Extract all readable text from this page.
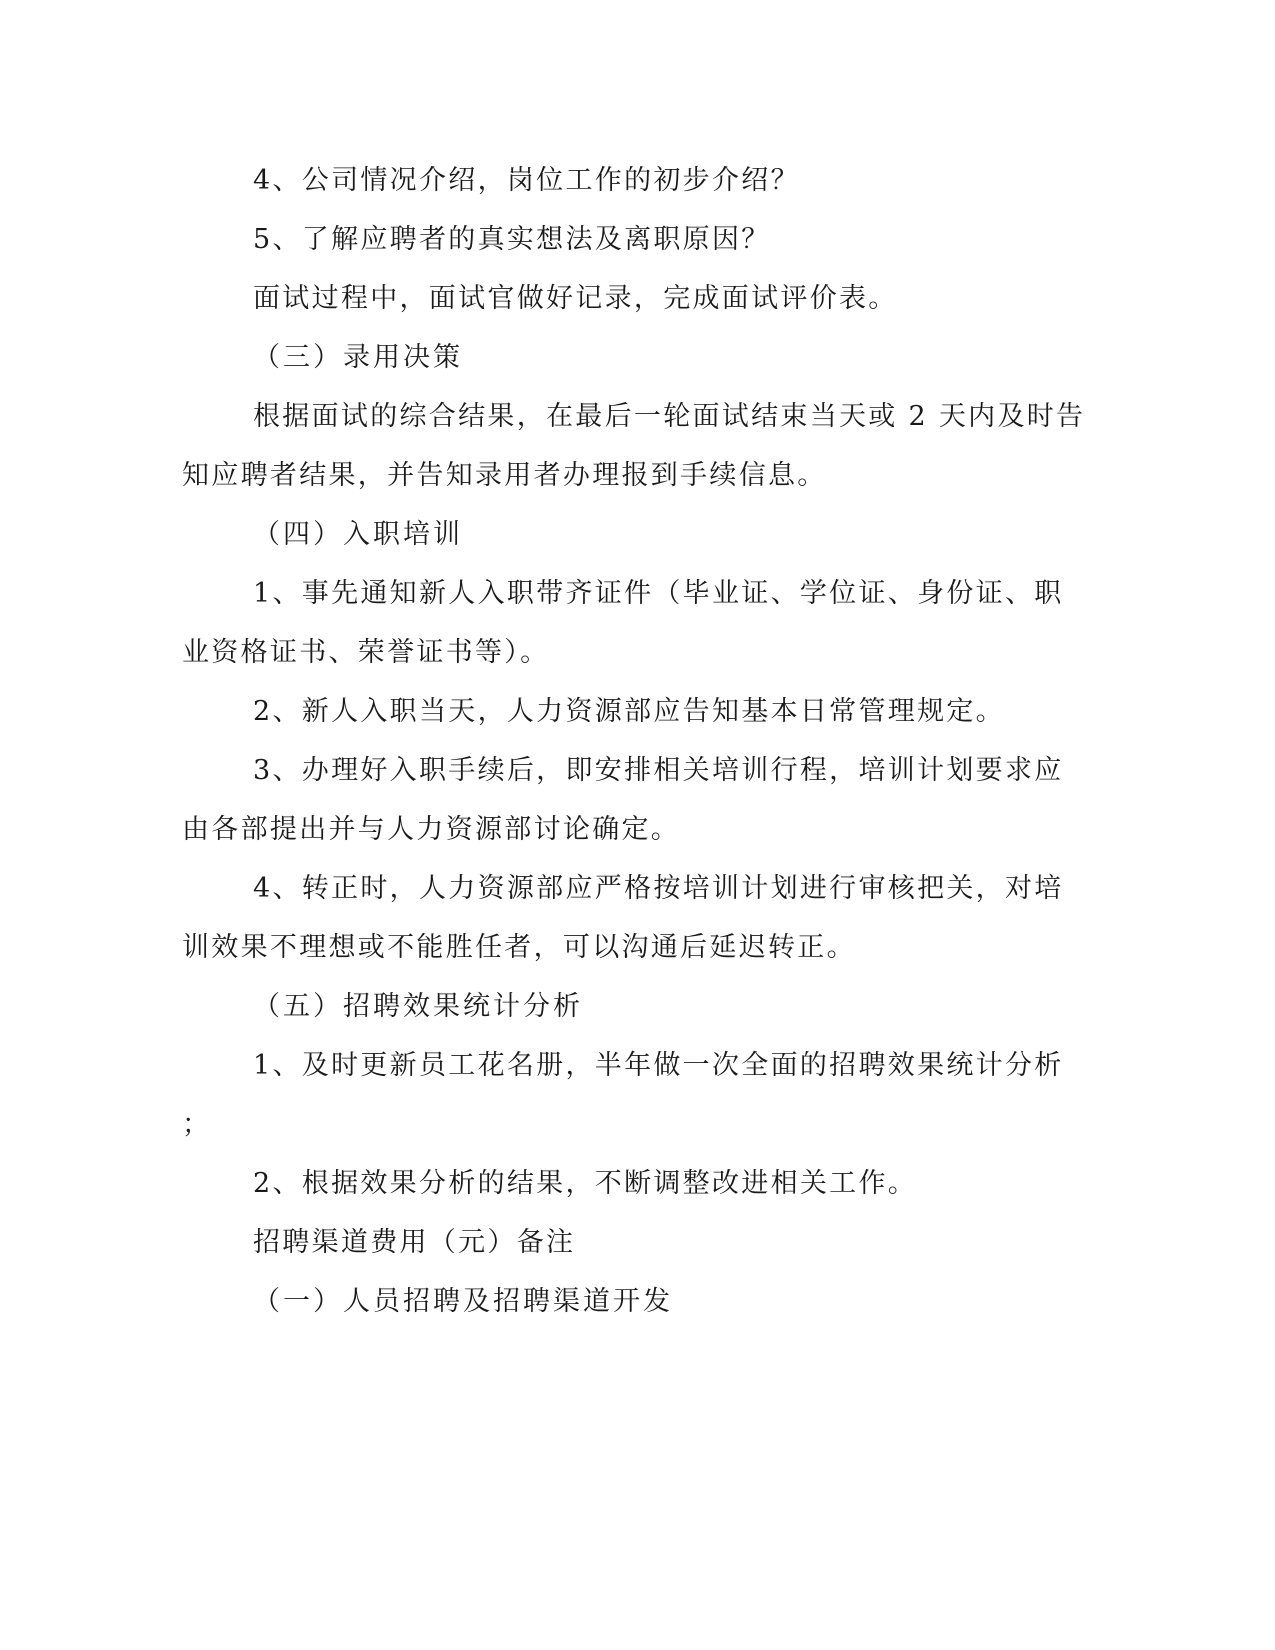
4、公司情况介绍，岗位工作的初步介绍？
5、了解应聘者的真实想法及离职原因？
面试过程中，面试官做好记录，完成面试评价表。
（三）录用决策
根据面试的综合结果，在最后一轮面试结束当天或 2 天内及时告
知应聘者结果，并告知录用者办理报到手续信息。
（四）入职培训
1、事先通知新人入职带齐证件（毕业证、学位证、身份证、职
业资格证书、荣誉证书等）。
2、新人入职当天，人力资源部应告知基本日常管理规定。
3、办理好入职手续后，即安排相关培训行程，培训计划要求应
由各部提出并与人力资源部讨论确定。
4、转正时，人力资源部应严格按培训计划进行审核把关，对培
训效果不理想或不能胜任者，可以沟通后延迟转正。
（五）招聘效果统计分析
1、及时更新员工花名册，半年做一次全面的招聘效果统计分析
；
2、根据效果分析的结果，不断调整改进相关工作。
招聘渠道费用（元）备注
（一）人员招聘及招聘渠道开发
